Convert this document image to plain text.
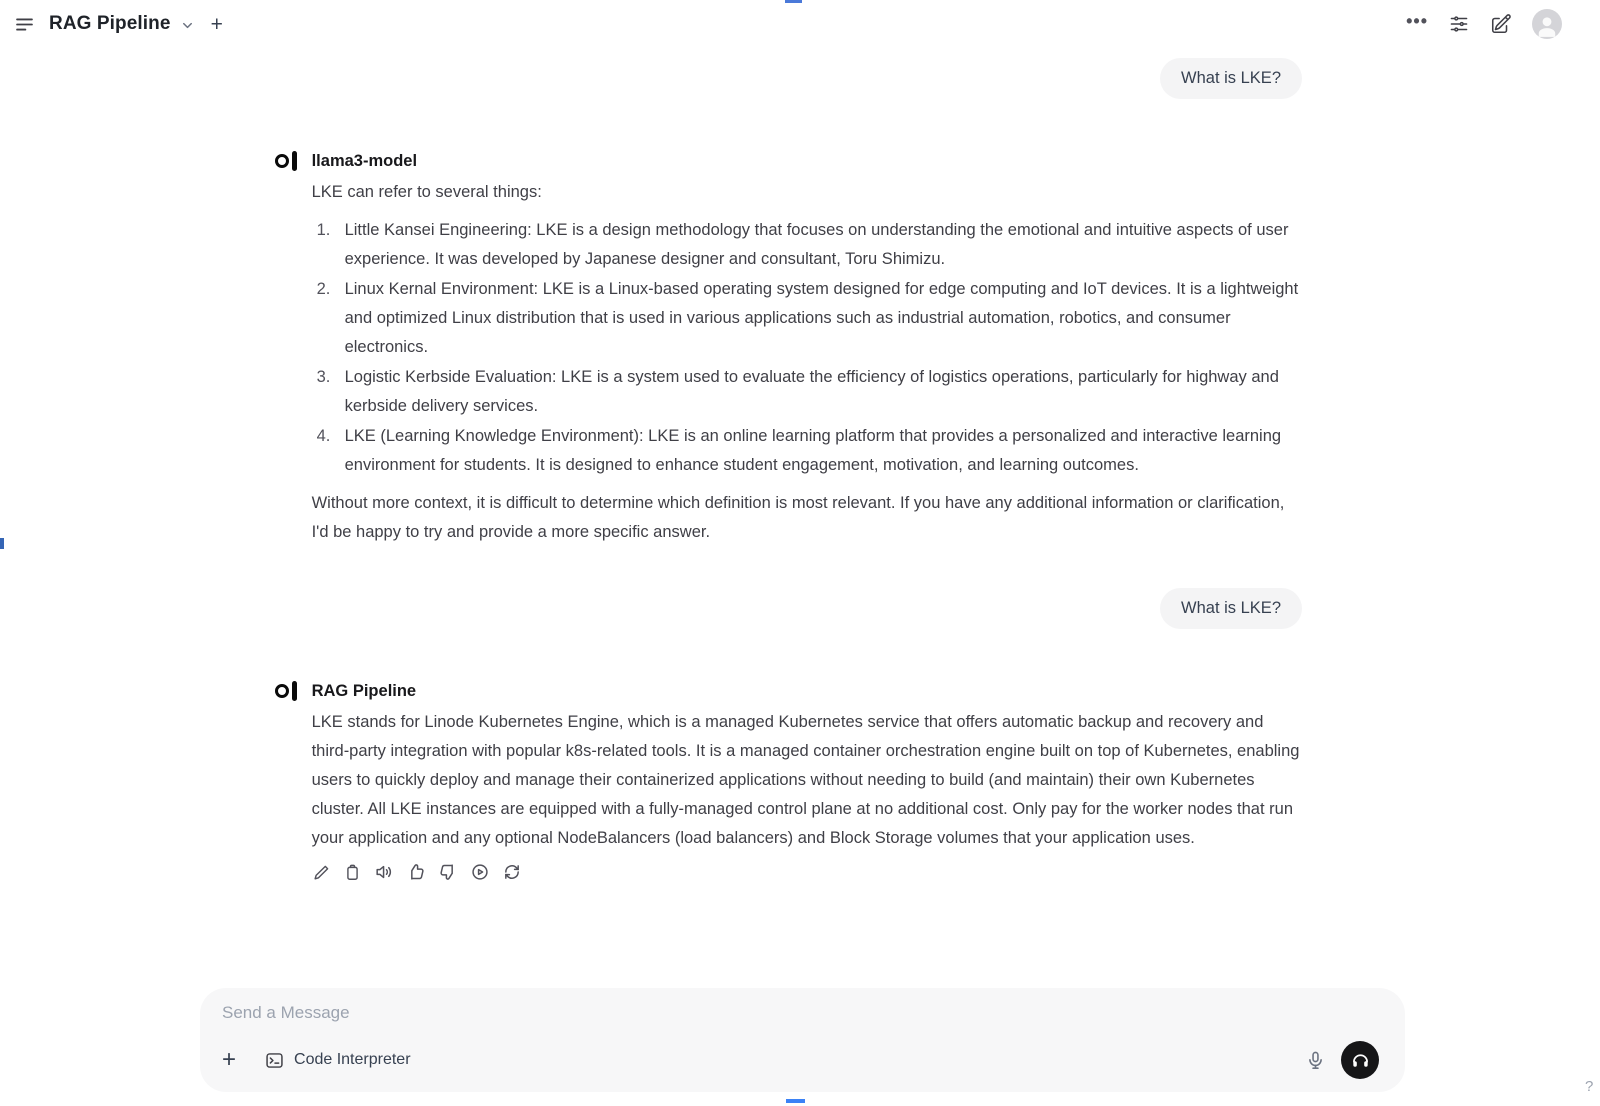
RAG Pipeline +	•••
What is LKE?
llama3-model
LKE can refer to several things:
1. Little Kansei Engineering: LKE is a design methodology that focuses on understanding the emotional and intuitive aspects of user experience. It was developed by Japanese designer and consultant, Toru Shimizu.
2. Linux Kernal Environment: LKE is a Linux-based operating system designed for edge computing and IoT devices. It is a lightweight and optimized Linux distribution that is used in various applications such as industrial automation, robotics, and consumer electronics.
3. Logistic Kerbside Evaluation: LKE is a system used to evaluate the efficiency of logistics operations, particularly for highway and kerbside delivery services.
4. LKE (Learning Knowledge Environment): LKE is an online learning platform that provides a personalized and interactive learning environment for students. It is designed to enhance student engagement, motivation, and learning outcomes.
Without more context, it is difficult to determine which definition is most relevant. If you have any additional information or clarification, I'd be happy to try and provide a more specific answer.
What is LKE?
RAG Pipeline
LKE stands for Linode Kubernetes Engine, which is a managed Kubernetes service that offers automatic backup and recovery and third-party integration with popular k8s-related tools. It is a managed container orchestration engine built on top of Kubernetes, enabling users to quickly deploy and manage their containerized applications without needing to build (and maintain) their own Kubernetes cluster. All LKE instances are equipped with a fully-managed control plane at no additional cost. Only pay for the worker nodes that run your application and any optional NodeBalancers (load balancers) and Block Storage volumes that your application uses.
Send a Message
+	Code Interpreter
?
